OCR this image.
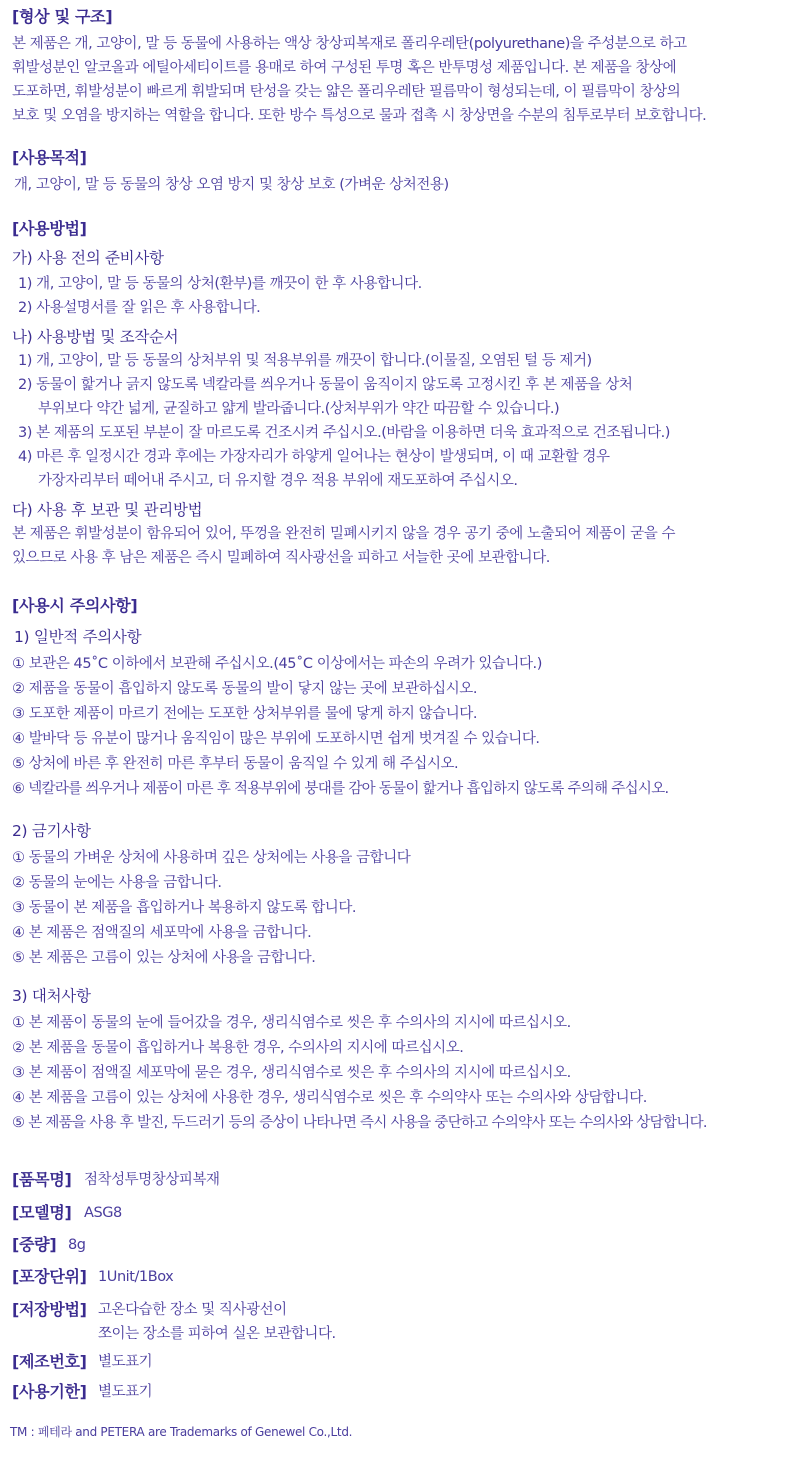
[형상 및 구조]
본 제품은 개, 고양이, 말 등 동물에 사용하는 액상 창상피복재로 폴리우레탄(polyurethane)을 주성분으로 하고
휘발성분인 알코올과 에틸아세티이트를 용매로 하여 구성된 투명 혹은 반투명성 제품입니다. 본 제품을 창상에
도포하면, 휘발성분이 빠르게 휘발되며 탄성을 갖는 얇은 폴리우레탄 필름막이 형성되는데, 이 필름막이 창상의
보호 및 오염을 방지하는 역할을 합니다. 또한 방수 특성으로 물과 접촉 시 창상면을 수분의 침투로부터 보호합니다.
[사용목적]
개, 고양이, 말 등 동물의 창상 오염 방지 및 창상 보호 (가벼운 상처전용)
[사용방법]
가) 사용 전의 준비사항
1) 개, 고양이, 말 등 동물의 상처(환부)를 깨끗이 한 후 사용합니다.
2) 사용설명서를 잘 읽은 후 사용합니다.
나) 사용방법 및 조작순서
1) 개, 고양이, 말 등 동물의 상처부위 및 적용부위를 깨끗이 합니다.(이물질, 오염된 털 등 제거)
2) 동물이 핥거나 긁지 않도록 넥칼라를 씌우거나 동물이 움직이지 않도록 고정시킨 후 본 제품을 상처
부위보다 약간 넓게, 균질하고 얇게 발라줍니다.(상처부위가 약간 따끔할 수 있습니다.)
3) 본 제품의 도포된 부분이 잘 마르도록 건조시켜 주십시오.(바람을 이용하면 더욱 효과적으로 건조됩니다.)
4) 마른 후 일정시간 경과 후에는 가장자리가 하얗게 일어나는 현상이 발생되며, 이 때 교환할 경우
가장자리부터 떼어내 주시고, 더 유지할 경우 적용 부위에 재도포하여 주십시오.
다) 사용 후 보관 및 관리방법
본 제품은 휘발성분이 함유되어 있어, 뚜껑을 완전히 밀폐시키지 않을 경우 공기 중에 노출되어 제품이 굳을 수
있으므로 사용 후 남은 제품은 즉시 밀폐하여 직사광선을 피하고 서늘한 곳에 보관합니다.
[사용시 주의사항]
1) 일반적 주의사항
① 보관은 45˚C 이하에서 보관해 주십시오.(45˚C 이상에서는 파손의 우려가 있습니다.)
② 제품을 동물이 흡입하지 않도록 동물의 발이 닿지 않는 곳에 보관하십시오.
③ 도포한 제품이 마르기 전에는 도포한 상처부위를 물에 닿게 하지 않습니다.
④ 발바닥 등 유분이 많거나 움직임이 많은 부위에 도포하시면 쉽게 벗겨질 수 있습니다.
⑤ 상처에 바른 후 완전히 마른 후부터 동물이 움직일 수 있게 해 주십시오.
⑥ 넥칼라를 씌우거나 제품이 마른 후 적용부위에 붕대를 감아 동물이 핥거나 흡입하지 않도록 주의해 주십시오.
2) 금기사항
① 동물의 가벼운 상처에 사용하며 깊은 상처에는 사용을 금합니다
② 동물의 눈에는 사용을 금합니다.
③ 동물이 본 제품을 흡입하거나 복용하지 않도록 합니다.
④ 본 제품은 점액질의 세포막에 사용을 금합니다.
⑤ 본 제품은 고름이 있는 상처에 사용을 금합니다.
3) 대처사항
① 본 제품이 동물의 눈에 들어갔을 경우, 생리식염수로 씻은 후 수의사의 지시에 따르십시오.
② 본 제품을 동물이 흡입하거나 복용한 경우, 수의사의 지시에 따르십시오.
③ 본 제품이 점액질 세포막에 묻은 경우, 생리식염수로 씻은 후 수의사의 지시에 따르십시오.
④ 본 제품을 고름이 있는 상처에 사용한 경우, 생리식염수로 씻은 후 수의약사 또는 수의사와 상담합니다.
⑤ 본 제품을 사용 후 발진, 두드러기 등의 증상이 나타나면 즉시 사용을 중단하고 수의약사 또는 수의사와 상담합니다.
[품목명] 점착성투명창상피복재
[모델명] ASG8
[중량] 8g
[포장단위] 1Unit/1Box
[저장방법] 고온다습한 장소 및 직사광선이
쪼이는 장소를 피하여 실온 보관합니다.
[제조번호] 별도표기
[사용기한] 별도표기
TM : 페테라 and PETERA are Trademarks of Genewel Co.,Ltd.
